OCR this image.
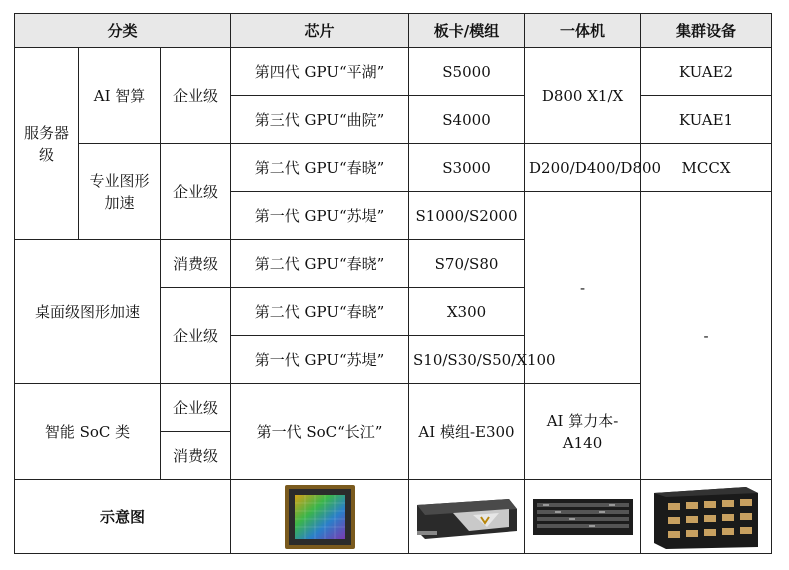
分类			芯片	板卡/模组	一体机	集群设备
服务器级	AI 智算	企业级	第四代 GPU“平湖”	S5000	D800 X1/X	KUAE2
			第三代 GPU“曲院”	S4000		KUAE1
	专业图形加速	企业级	第二代 GPU“春晓”	S3000	D200/D400/D800	MCCX
			第一代 GPU“苏堤”	S1000/S2000	-	-
桌面级图形加速		消费级	第二代 GPU“春晓”	S70/S80		
		企业级	第二代 GPU“春晓”	X300		
			第一代 GPU“苏堤”	S10/S30/S50/X100		
智能 SoC 类		企业级	第一代 SoC“长江”	AI 模组-E300	AI 算力本-A140	
		消费级				
示意图	
